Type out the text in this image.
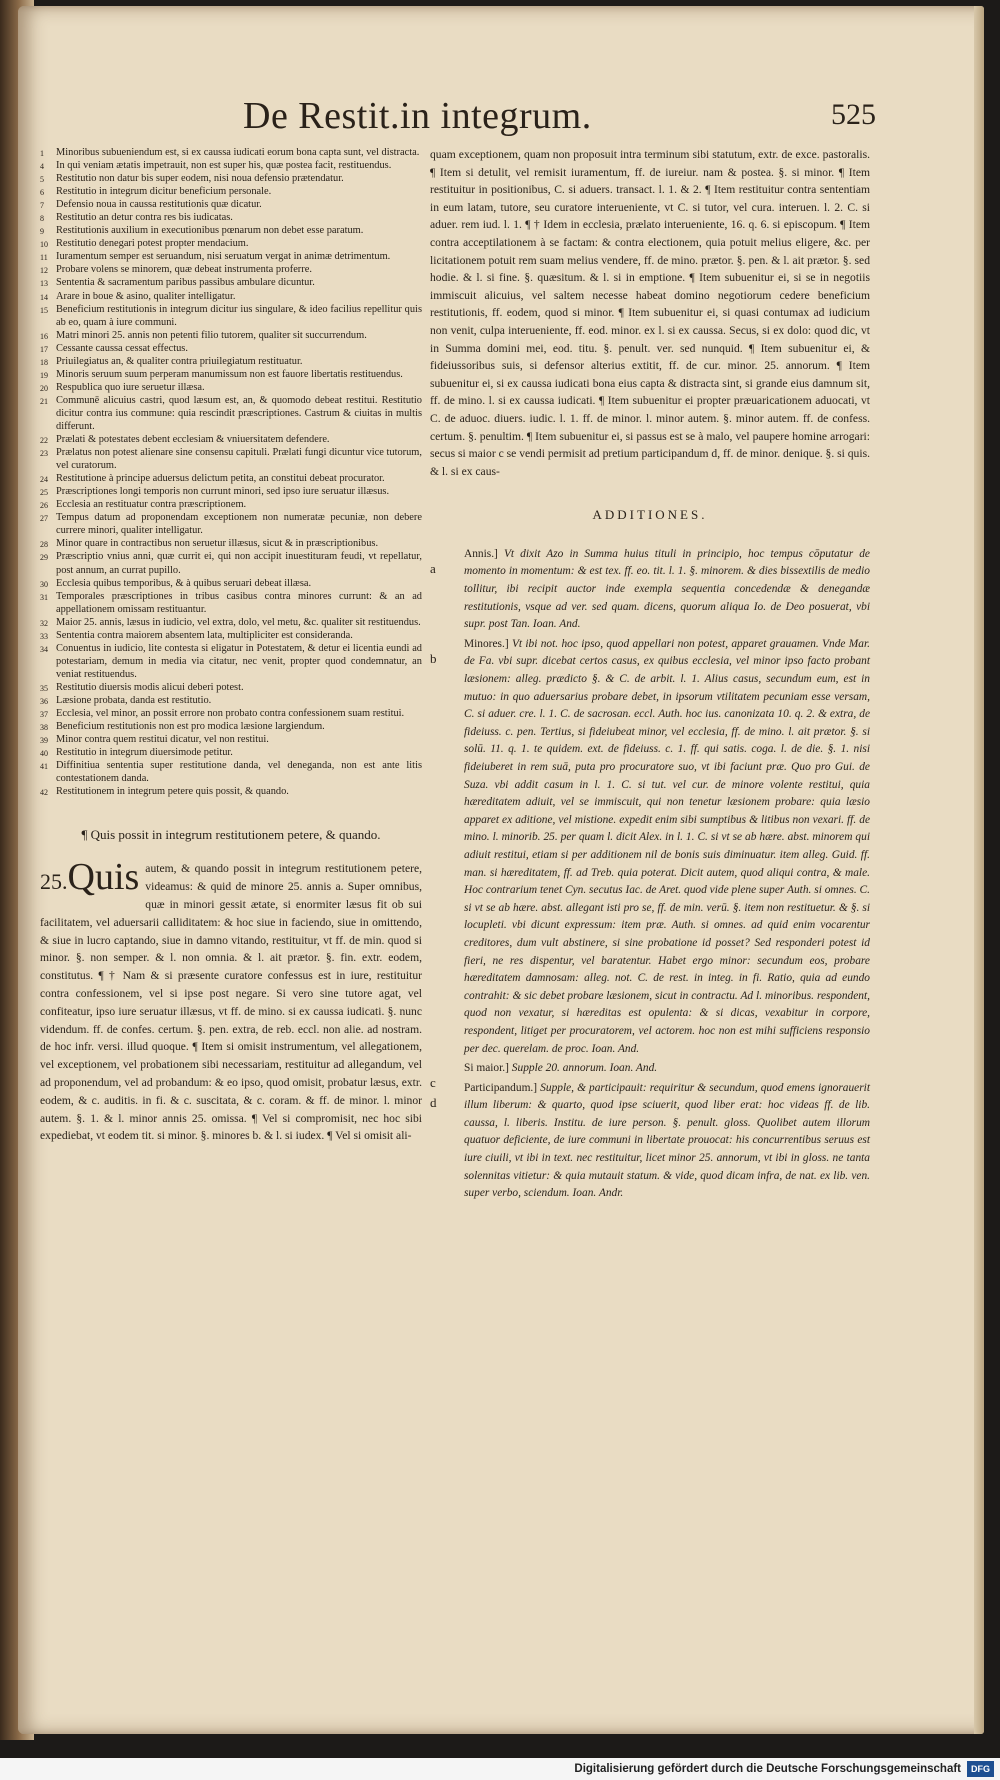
De Restit.in integrum.	525
1 Minoribus subueniendum est, si ex caussa iudicati eorum bona capta sunt, vel distracta.
4 In qui veniam ætatis impetrauit, non est super his, quæ postea facit, restituendus.
5 Restitutio non datur bis super eodem, nisi noua defensio prætendatur.
6 Restitutio in integrum dicitur beneficium personale.
7 Defensio noua in caussa restitutionis quæ dicatur.
8 Restitutio an detur contra res bis iudicatas.
9 Restitutionis auxilium in executionibus pœnarum non debet esse paratum.
10 Restitutio denegari potest propter mendacium.
11 Iuramentum semper est seruandum, nisi seruatum vergat in animæ detrimentum.
12 Probare volens se minorem, quæ debeat instrumenta proferre.
13 Sententia & sacramentum paribus passibus ambulare dicuntur.
14 Arare in boue & asino, qualiter intelligatur.
15 Beneficium restitutionis in integrum dicitur ius singulare, & ideo facilius repellitur quis ab eo, quam à iure communi.
16 Matri minori 25. annis non petenti filio tutorem, qualiter sit succurrendum.
17 Cessante caussa cessat effectus.
18 Priuilegiatus an, & qualiter contra priuilegiatum restituatur.
19 Minoris seruum suum perperam manumissum non est fauore libertatis restituendus.
20 Respublica quo iure seruetur illæsa.
21 Communē alicuius castri, quod læsum est, an, & quomodo debeat restitui. Restitutio dicitur contra ius commune: quia rescindit præscriptiones. Castrum & ciuitas in multis differunt.
22 Prælati & potestates debent ecclesiam & vniuersitatem defendere.
23 Prælatus non potest alienare sine consensu capituli. Prælati fungi dicuntur vice tutorum, vel curatorum.
24 Restitutione à principe aduersus delictum petita, an constitui debeat procurator.
25 Præscriptiones longi temporis non currunt minori, sed ipso iure seruatur illæsus.
26 Ecclesia an restituatur contra præscriptionem.
27 Tempus datum ad proponendam exceptionem non numeratæ pecuniæ, non debere currere minori, qualiter intelligatur.
28 Minor quare in contractibus non seruetur illæsus, sicut & in præscriptionibus.
29 Præscriptio vnius anni, quæ currit ei, qui non accipit inuestituram feudi, vt repellatur, post annum, an currat pupillo.
30 Ecclesia quibus temporibus, & à quibus seruari debeat illæsa.
31 Temporales præscriptiones in tribus casibus contra minores currunt: & an ad appellationem omissam restituantur.
32 Maior 25. annis, læsus in iudicio, vel extra, dolo, vel metu, &c. qualiter sit restituendus.
33 Sententia contra maiorem absentem lata, multipliciter est consideranda.
34 Conuentus in iudicio, lite contesta si eligatur in Potestatem, & detur ei licentia eundi ad potestariam, demum in media via citatur, nec venit, propter quod condemnatur, an veniat restituendus.
35 Restitutio diuersis modis alicui deberi potest.
36 Læsione probata, danda est restitutio.
37 Ecclesia, vel minor, an possit errore non probato contra confessionem suam restitui.
38 Beneficium restitutionis non est pro modica læsione largiendum.
39 Minor contra quem restitui dicatur, vel non restitui.
40 Restitutio in integrum diuersimode petitur.
41 Diffinitiua sententia super restitutione danda, vel deneganda, non est ante litis contestationem danda.
42 Restitutionem in integrum petere quis possit, & quando.
¶ Quis possit in integrum restitutionem petere, & quando.
25.Quis autem, & quando possit in integrum restitutionem petere, videamus: & quid de minore 25. annis a. Super omnibus, quæ in minori gessit ætate, si enormiter læsus fit ob sui facilitatem, vel aduersarii calliditatem: & hoc siue in faciendo, siue in omittendo, & siue in lucro captando, siue in damno vitando, restituitur, vt ff. de min. quod si minor. §. non semper. & l. non omnia. & l. ait prætor. §. fin. extr. eodem, constitutus. ¶ † Nam & si præsente curatore confessus est in iure, restituitur contra confessionem, vel si ipse post negare. Si vero sine tutore agat, vel confiteatur, ipso iure seruatur illæsus, vt ff. de mino. si ex caussa iudicati. §. nunc videndum. ff. de confes. certum. §. pen. extra, de reb. eccl. non alie. ad nostram. de hoc infr. versi. illud quoque. ¶ Item si omisit instrumentum, vel allegationem, vel exceptionem, vel probationem sibi necessariam, restituitur ad allegandum, vel ad proponendum, vel ad probandum: & eo ipso, quod omisit, probatur læsus, extr. eodem, & c. auditis. in fi. & c. suscitata, & c. coram. & ff. de minor. l. minor autem. §. 1. & l. minor annis 25. omissa. ¶ Vel si compromisit, nec hoc sibi expediebat, vt eodem tit. si minor. §. minores b. & l. si iudex. ¶ Vel si omisit ali-
quam exceptionem, quam non proposuit intra terminum sibi statutum, extr. de exce. pastoralis. ¶ Item si detulit, vel remisit iuramentum, ff. de iureiur. nam & postea. §. si minor. ¶ Item restituitur in positionibus, C. si aduers. transact. l. 1. & 2. ¶ Item restituitur contra sententiam in eum latam, tutore, seu curatore interueniente, vt C. si tutor, vel cura. interuen. l. 2. C. si aduer. rem iud. l. 1. ¶ † Idem in ecclesia, prælato interueniente, 16. q. 6. si episcopum. ¶ Item contra acceptilationem à se factam: & contra electionem, quia potuit melius eligere, &c. per licitationem potuit rem suam melius vendere, ff. de mino. prætor. §. pen. & l. ait prætor. §. sed hodie. & l. si fine. §. quæsitum. & l. si in emptione. ¶ Item subuenitur ei, si se in negotiis immiscuit alicuius, vel saltem necesse habeat domino negotiorum cedere beneficium restitutionis, ff. eodem, quod si minor. ¶ Item subuenitur ei, si quasi contumax ad iudicium non venit, culpa interueniente, ff. eod. minor. ex l. si ex caussa. Secus, si ex dolo: quod dic, vt in Summa domini mei, eod. titu. §. penult. ver. sed nunquid. ¶ Item subuenitur ei, & fideiussoribus suis, si defensor alterius extitit, ff. de cur. minor. 25. annorum. ¶ Item subuenitur ei, si ex caussa iudicati bona eius capta & distracta sint, si grande eius damnum sit, ff. de mino. l. si ex caussa iudicati. ¶ Item subuenitur ei propter præuaricationem aduocati, vt C. de aduoc. diuers. iudic. l. 1. ff. de minor. l. minor autem. §. minor autem. ff. de confess. certum. §. penultim. ¶ Item subuenitur ei, si passus est se à malo, vel paupere homine arrogari: secus si maior c se vendi permisit ad pretium participandum d, ff. de minor. denique. §. si quis. & l. si ex caus-
ADDITIONES.
a
Annis.] Vt dixit Azo in Summa huius tituli in principio, hoc tempus cōputatur de momento in momentum: & est tex. ff. eo. tit. l. 1. §. minorem. & dies bissextilis de medio tollitur, ibi recipit auctor inde exempla sequentia concedendæ & denegandæ restitutionis, vsque ad ver. sed quam. dicens, quorum aliqua Io. de Deo posuerat, vbi supr. post Tan. Ioan. And.
b
Minores.] Vt ibi not. hoc ipso, quod appellari non potest, apparet grauamen. Vnde Mar. de Fa. vbi supr. dicebat certos casus, ex quibus ecclesia, vel minor ipso facto probant læsionem: alleg. prædicto §. & C. de arbit. l. 1. Alius casus, secundum eum, est in mutuo: in quo aduersarius probare debet, in ipsorum vtilitatem pecuniam esse versam, C. si aduer. cre. l. 1. C. de sacrosan. eccl. Auth. hoc ius. canonizata 10. q. 2. & extra, de fideiuss. c. pen. Tertius, si fideiubeat minor, vel ecclesia, ff. de mino. l. ait prætor. §. si solū. 11. q. 1. te quidem. ext. de fideiuss. c. 1. ff. qui satis. coga. l. de die. §. 1. nisi fideiuberet in rem suā, puta pro procuratore suo, vt ibi faciunt præ. Quo pro Gui. de Suza. vbi addit casum in l. 1. C. si tut. vel cur. de minore volente restitui, quia hæreditatem adiuit, vel se immiscuit, qui non tenetur læsionem probare: quia læsio apparet ex aditione, vel mistione. expedit enim sibi sumptibus & litibus non vexari. ff. de mino. l. minorib. 25. per quam l. dicit Alex. in l. 1. C. si vt se ab hære. abst. minorem qui adiuit restitui, etiam si per additionem nil de bonis suis diminuatur. item alleg. Guid. ff. man. si hæreditatem, ff. ad Treb. quia poterat. Dicit autem, quod aliqui contra, & male. Hoc contrarium tenet Cyn. secutus Iac. de Aret. quod vide plene super Auth. si omnes. C. si vt se ab hære. abst. allegant isti pro se, ff. de min. verū. §. item non restituetur. & §. si locupleti. vbi dicunt expressum: item præ. Auth. si omnes. ad quid enim vocarentur creditores, dum vult abstinere, si sine probatione id posset? Sed responderi potest id fieri, ne res dispentur, vel baratentur. Habet ergo minor: secundum eos, probare hæreditatem damnosam: alleg. not. C. de rest. in integ. in fi. Ratio, quia ad eundo contrahit: & sic debet probare læsionem, sicut in contractu. Ad l. minoribus. respondent, quod non vexatur, si hæreditas est opulenta: & si dicas, vexabitur in corpore, respondent, litiget per procuratorem, vel actorem. hoc non est mihi sufficiens responsio per dec. querelam. de proc. Ioan. And.
c
Si maior.] Supple 20. annorum. Ioan. And.
d
Participandum.] Supple, & participauit: requiritur & secundum, quod emens ignorauerit illum liberum: & quarto, quod ipse sciuerit, quod liber erat: hoc videas ff. de lib. caussa, l. liberis. Institu. de iure person. §. penult. gloss. Quolibet autem illorum quatuor deficiente, de iure communi in libertate prouocat: his concurrentibus seruus est iure ciuili, vt ibi in text. nec restituitur, licet minor 25. annorum, vt ibi in gloss. ne tanta solennitas vitietur: & quia mutauit statum. & vide, quod dicam infra, de nat. ex lib. ven. super verbo, sciendum. Ioan. Andr.
Digitalisierung gefördert durch die Deutsche Forschungsgemeinschaft DFG
